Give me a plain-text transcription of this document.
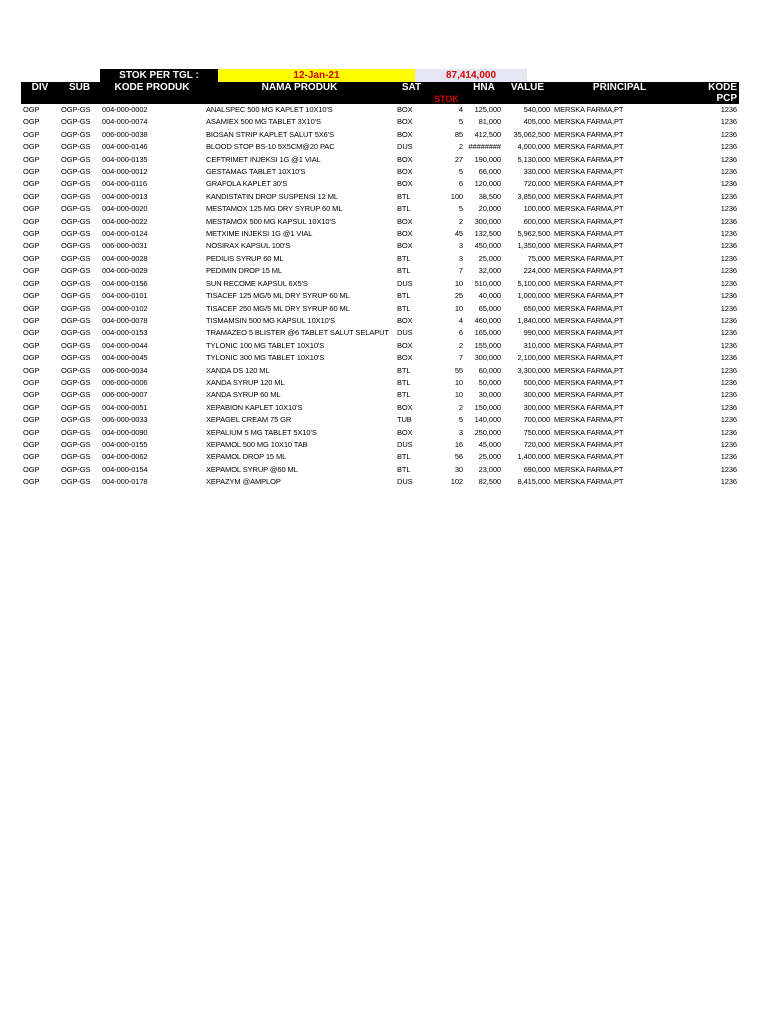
STOK PER TGL :	12-Jan-21	87,414,000
DIV	SUB	KODE PRODUK	NAMA PRODUK	SAT	STOK	HNA	VALUE	PRINCIPAL	KODE PCP
OGP	OGP-GS	004-000-0002	ANALSPEC 500 MG KAPLET 10X10'S	BOX	4	125,000	540,000	MERSKA FARMA,PT	1236
OGP	OGP-GS	004-000-0074	ASAMIEX 500 MG TABLET 3X10'S	BOX	5	81,000	405,000	MERSKA FARMA,PT	1236
OGP	OGP-GS	006-000-0038	BIOSAN STRIP KAPLET SALUT 5X6'S	BOX	85	412,500	35,062,500	MERSKA FARMA,PT	1236
OGP	OGP-GS	004-000-0146	BLOOD STOP BS-10 5X5CM@20 PAC	DUS	2	########	4,000,000	MERSKA FARMA,PT	1236
OGP	OGP-GS	004-000-0135	CEFTRIMET INJEKSI 1G @1 VIAL	BOX	27	190,000	5,130,000	MERSKA FARMA,PT	1236
OGP	OGP-GS	004-000-0012	GESTAMAG TABLET 10X10'S	BOX	5	66,000	330,000	MERSKA FARMA,PT	1236
OGP	OGP-GS	004-000-0116	GRAFOLA KAPLET 30'S	BOX	6	120,000	720,000	MERSKA FARMA,PT	1236
OGP	OGP-GS	004-000-0013	KANDISTATIN DROP SUSPENSI 12 ML	BTL	100	38,500	3,850,000	MERSKA FARMA,PT	1236
OGP	OGP-GS	004-000-0020	MESTAMOX 125 MG DRY SYRUP 60 ML	BTL	5	20,000	100,000	MERSKA FARMA,PT	1236
OGP	OGP-GS	004-000-0022	MESTAMOX 500 MG KAPSUL 10X10'S	BOX	2	300,000	600,000	MERSKA FARMA,PT	1236
OGP	OGP-GS	004-000-0124	METXIME INJEKSI 1G @1 VIAL	BOX	45	132,500	5,962,500	MERSKA FARMA,PT	1236
OGP	OGP-GS	006-000-0031	NOSIRAX KAPSUL 100'S	BOX	3	450,000	1,350,000	MERSKA FARMA,PT	1236
OGP	OGP-GS	004-000-0028	PEDILIS SYRUP 60 ML	BTL	3	25,000	75,000	MERSKA FARMA,PT	1236
OGP	OGP-GS	004-000-0029	PEDIMIN DROP 15 ML	BTL	7	32,000	224,000	MERSKA FARMA,PT	1236
OGP	OGP-GS	004-000-0156	SUN RECOME KAPSUL 6X5'S	DUS	10	510,000	5,100,000	MERSKA FARMA,PT	1236
OGP	OGP-GS	004-000-0101	TISACEF 125 MG/5 ML DRY SYRUP 60 ML	BTL	25	40,000	1,000,000	MERSKA FARMA,PT	1236
OGP	OGP-GS	004-000-0102	TISACEF 250 MG/5 ML DRY SYRUP 60 ML	BTL	10	65,000	650,000	MERSKA FARMA,PT	1236
OGP	OGP-GS	004-000-0078	TISMAMSIN 500 MG KAPSUL 10X10'S	BOX	4	460,000	1,840,000	MERSKA FARMA,PT	1236
OGP	OGP-GS	004-000-0153	TRAMAZEO 5 BLISTER @6 TABLET SALUT SELAPUT	DUS	6	165,000	990,000	MERSKA FARMA,PT	1236
OGP	OGP-GS	004-000-0044	TYLONIC 100 MG TABLET 10X10'S	BOX	2	155,000	310,000	MERSKA FARMA,PT	1236
OGP	OGP-GS	004-000-0045	TYLONIC 300 MG TABLET 10X10'S	BOX	7	300,000	2,100,000	MERSKA FARMA,PT	1236
OGP	OGP-GS	006-000-0034	XANDA DS 120 ML	BTL	55	60,000	3,300,000	MERSKA FARMA,PT	1236
OGP	OGP-GS	006-000-0006	XANDA SYRUP 120 ML	BTL	10	50,000	500,000	MERSKA FARMA,PT	1236
OGP	OGP-GS	006-000-0007	XANDA SYRUP 60 ML	BTL	10	30,000	300,000	MERSKA FARMA,PT	1236
OGP	OGP-GS	004-000-0051	XEPABION KAPLET 10X10'S	BOX	2	150,000	300,000	MERSKA FARMA,PT	1236
OGP	OGP-GS	006-000-0033	XEPAGEL CREAM 75 GR	TUB	5	140,000	700,000	MERSKA FARMA,PT	1236
OGP	OGP-GS	004-000-0090	XEPALIUM 5 MG TABLET 5X10'S	BOX	3	250,000	750,000	MERSKA FARMA,PT	1236
OGP	OGP-GS	004-000-0155	XEPAMOL 500 MG 10X10 TAB	DUS	16	45,000	720,000	MERSKA FARMA,PT	1236
OGP	OGP-GS	004-000-0062	XEPAMOL DROP 15 ML	BTL	56	25,000	1,400,000	MERSKA FARMA,PT	1236
OGP	OGP-GS	004-000-0154	XEPAMOL SYRUP @60 ML	BTL	30	23,000	690,000	MERSKA FARMA,PT	1236
OGP	OGP-GS	004-000-0178	XEPAZYM @AMPLOP	DUS	102	82,500	8,415,000	MERSKA FARMA,PT	1236
